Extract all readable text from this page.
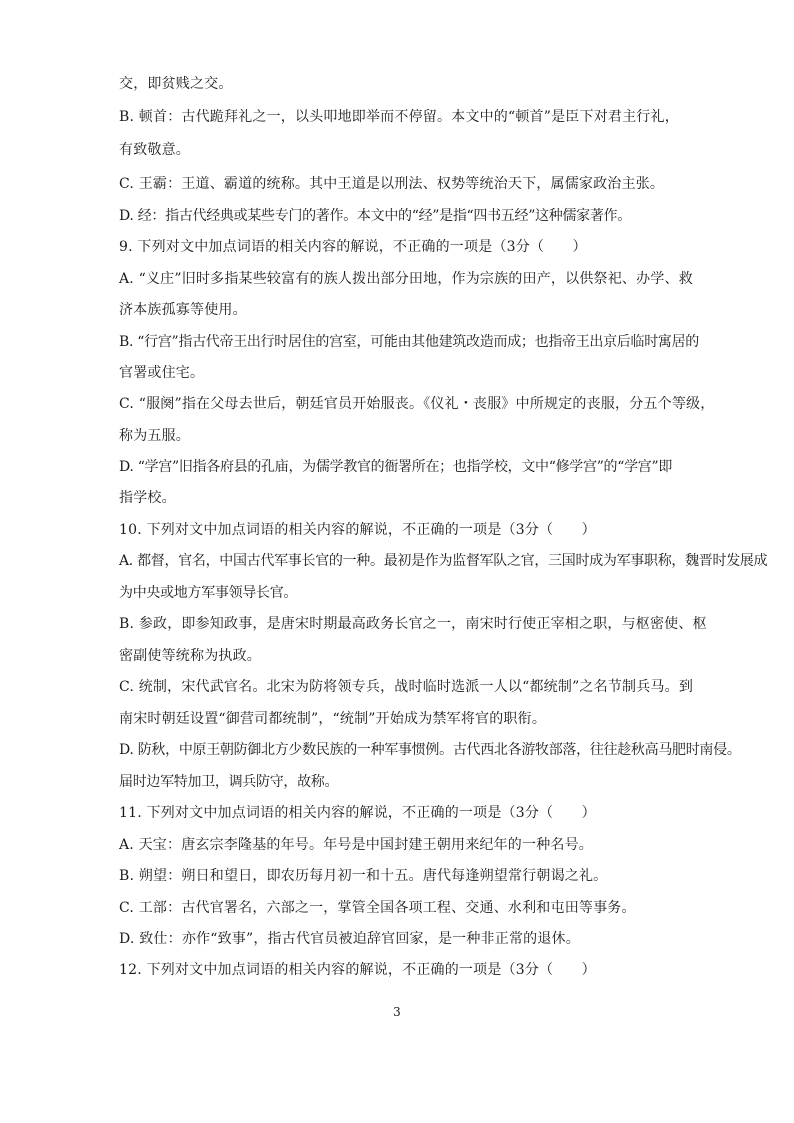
交，即贫贱之交。
B. 顿首：古代跪拜礼之一，以头叩地即举而不停留。本文中的“顿首”是臣下对君主行礼，
有致敬意。
C. 王霸：王道、霸道的统称。其中王道是以刑法、权势等统治天下，属儒家政治主张。
D. 经：指古代经典或某些专门的著作。本文中的“经”是指“四书五经”这种儒家著作。
9. 下列对文中加点词语的相关内容的解说，不正确的一项是（3分（　　）
A. “义庄”旧时多指某些较富有的族人拨出部分田地，作为宗族的田产，以供祭祀、办学、救
济本族孤寡等使用。
B. “行宫”指古代帝王出行时居住的宫室，可能由其他建筑改造而成；也指帝王出京后临时寓居的
官署或住宅。
C. “服阕”指在父母去世后，朝廷官员开始服丧。《仪礼・丧服》中所规定的丧服，分五个等级，
称为五服。
D. “学宫”旧指各府县的孔庙，为儒学教官的衙署所在；也指学校，文中“修学宫”的“学宫”即
指学校。
10. 下列对文中加点词语的相关内容的解说，不正确的一项是（3分（　　）
A. 都督，官名，中国古代军事长官的一种。最初是作为监督军队之官，三国时成为军事职称，魏晋时发展成
为中央或地方军事领导长官。
B. 参政，即参知政事，是唐宋时期最高政务长官之一，南宋时行使正宰相之职，与枢密使、枢
密副使等统称为执政。
C. 统制，宋代武官名。北宋为防将领专兵，战时临时选派一人以“都统制”之名节制兵马。到
南宋时朝廷设置“御营司都统制”，“统制”开始成为禁军将官的职衔。
D. 防秋，中原王朝防御北方少数民族的一种军事惯例。古代西北各游牧部落，往往趁秋高马肥时南侵。
届时边军特加卫，调兵防守，故称。
11. 下列对文中加点词语的相关内容的解说，不正确的一项是（3分（　　）
A. 天宝：唐玄宗李隆基的年号。年号是中国封建王朝用来纪年的一种名号。
B. 朔望：朔日和望日，即农历每月初一和十五。唐代每逢朔望常行朝谒之礼。
C. 工部：古代官署名，六部之一，掌管全国各项工程、交通、水利和屯田等事务。
D. 致仕：亦作“致事”，指古代官员被迫辞官回家，是一种非正常的退休。
12. 下列对文中加点词语的相关内容的解说，不正确的一项是（3分（　　）
3
